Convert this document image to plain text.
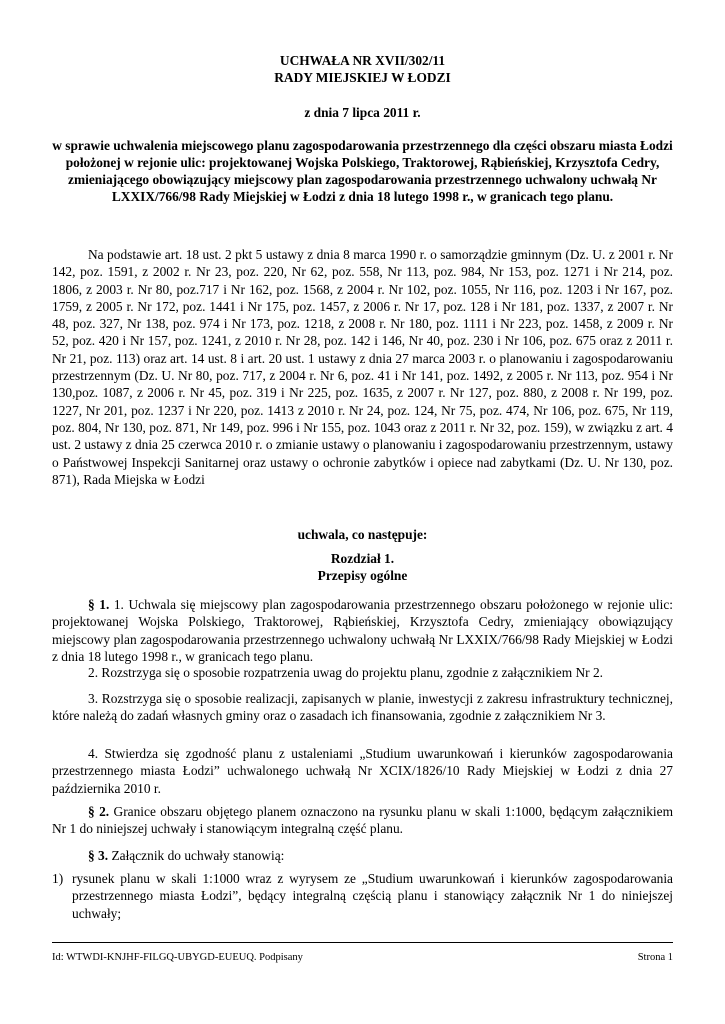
UCHWAŁA NR XVII/302/11

RADY MIEJSKIEJ W ŁODZI

z dnia 7 lipca 2011 r.

w sprawie uchwalenia miejscowego planu zagospodarowania przestrzennego dla części obszaru miasta Łodzi położonej w rejonie ulic: projektowanej Wojska Polskiego, Traktorowej, Rąbieńskiej, Krzysztofa Cedry, zmieniającego obowiązujący miejscowy plan zagospodarowania przestrzennego uchwalony uchwałą Nr LXXIX/766/98 Rady Miejskiej w Łodzi z dnia 18 lutego 1998 r., w granicach tego planu.

Na podstawie art. 18 ust. 2 pkt 5 ustawy z dnia 8 marca 1990 r. o samorządzie gminnym (Dz. U. z 2001 r. Nr 142, poz. 1591, z 2002 r. Nr 23, poz. 220, Nr 62, poz. 558, Nr 113, poz. 984, Nr 153, poz. 1271 i Nr 214, poz. 1806, z 2003 r. Nr 80, poz.717 i Nr 162, poz. 1568, z 2004 r. Nr 102, poz. 1055, Nr 116, poz. 1203 i Nr 167, poz. 1759, z 2005 r. Nr 172, poz. 1441 i Nr 175, poz. 1457, z 2006 r. Nr 17, poz. 128 i Nr 181, poz. 1337, z 2007 r. Nr 48, poz. 327, Nr 138, poz. 974 i Nr 173, poz. 1218, z 2008 r. Nr 180, poz. 1111 i Nr 223, poz. 1458, z 2009 r. Nr 52, poz. 420 i Nr 157, poz. 1241, z 2010 r. Nr 28, poz. 142 i 146, Nr 40, poz. 230 i Nr 106, poz. 675 oraz z 2011 r. Nr 21, poz. 113) oraz art. 14 ust. 8 i art. 20 ust. 1 ustawy z dnia 27 marca 2003 r. o planowaniu i zagospodarowaniu przestrzennym (Dz. U. Nr 80, poz. 717, z 2004 r. Nr 6, poz. 41 i Nr 141, poz. 1492, z 2005 r. Nr 113, poz. 954 i Nr 130,poz. 1087, z 2006 r. Nr 45, poz. 319 i Nr 225, poz. 1635, z 2007 r. Nr 127, poz. 880, z 2008 r. Nr 199, poz. 1227, Nr 201, poz. 1237 i Nr 220, poz. 1413 z 2010 r. Nr 24, poz. 124, Nr 75, poz. 474, Nr 106, poz. 675, Nr 119, poz. 804, Nr 130, poz. 871, Nr 149, poz. 996 i Nr 155, poz. 1043 oraz z 2011 r. Nr 32, poz. 159), w związku z art. 4 ust. 2 ustawy z dnia 25 czerwca 2010 r. o zmianie ustawy o planowaniu i zagospodarowaniu przestrzennym, ustawy o Państwowej Inspekcji Sanitarnej oraz ustawy o ochronie zabytków i opiece nad zabytkami (Dz. U. Nr 130, poz. 871), Rada Miejska w Łodzi

uchwala, co następuje:

Rozdział 1.

Przepisy ogólne

§ 1. 1. Uchwala się miejscowy plan zagospodarowania przestrzennego obszaru położonego w rejonie ulic: projektowanej Wojska Polskiego, Traktorowej, Rąbieńskiej, Krzysztofa Cedry, zmieniający obowiązujący miejscowy plan zagospodarowania przestrzennego uchwalony uchwałą Nr LXXIX/766/98 Rady Miejskiej w Łodzi z dnia 18 lutego 1998 r., w granicach tego planu.

2. Rozstrzyga się o sposobie rozpatrzenia uwag do projektu planu, zgodnie z załącznikiem Nr 2.

3. Rozstrzyga się o sposobie realizacji, zapisanych w planie, inwestycji z zakresu infrastruktury technicznej, które należą do zadań własnych gminy oraz o zasadach ich finansowania, zgodnie z załącznikiem Nr 3.

4. Stwierdza się zgodność planu z ustaleniami „Studium uwarunkowań i kierunków zagospodarowania przestrzennego miasta Łodzi” uchwalonego uchwałą Nr XCIX/1826/10 Rady Miejskiej w Łodzi z dnia 27 października 2010 r.

§ 2. Granice obszaru objętego planem oznaczono na rysunku planu w skali 1:1000, będącym załącznikiem Nr 1 do niniejszej uchwały i stanowiącym integralną część planu.

§ 3. Załącznik do uchwały stanowią:

1) rysunek planu w skali 1:1000 wraz z wyrysem ze „Studium uwarunkowań i kierunków zagospodarowania przestrzennego miasta Łodzi”, będący integralną częścią planu i stanowiący załącznik Nr 1 do niniejszej uchwały;
Id: WTWDI-KNJHF-FILGQ-UBYGD-EUEUQ. Podpisany	Strona 1
